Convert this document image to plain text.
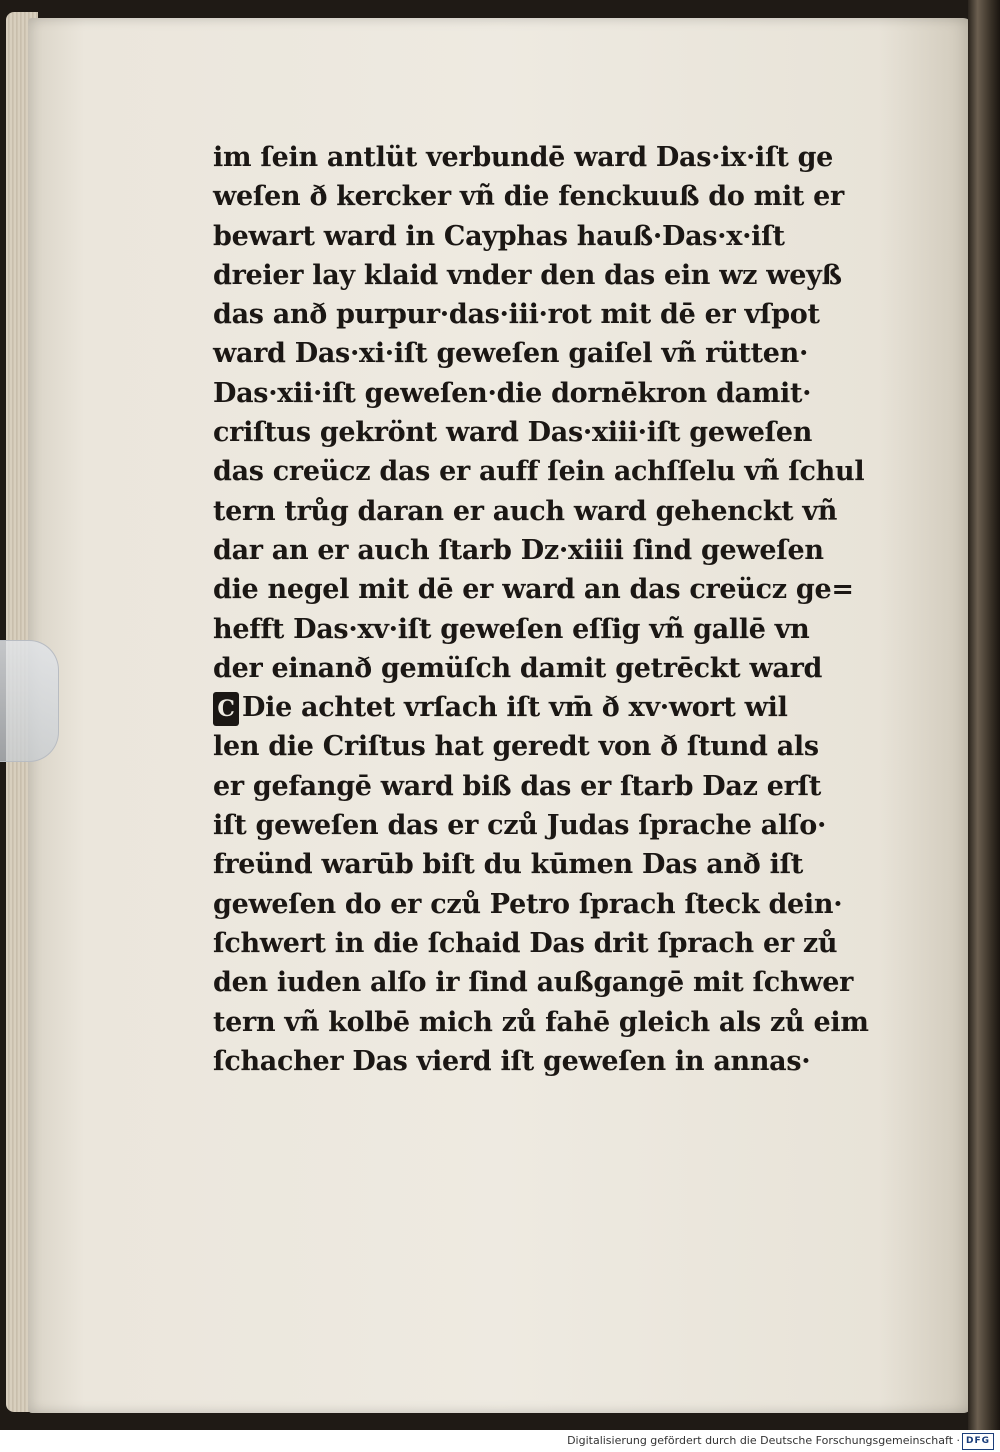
im ſein antlüt verbundē ward Das·ix·iſt ge
weſen ð kercker vñ die fenckuuß do mit er
bewart ward in Cayphas hauß·Das·x·iſt
dreier lay klaid vnder den das ein wz weyß
das anð purpur·das·iii·rot mit dē er vſpot
ward Das·xi·iſt geweſen gaiſel vñ rütten·
Das·xii·iſt geweſen·die dornēkron damit·
criſtus gekrönt ward Das·xiii·iſt geweſen
das creücz das er auff ſein achſſelu vñ ſchul
tern trůg daran er auch ward gehenckt vñ
dar an er auch ſtarb Dz·xiiii ſind geweſen
die negel mit dē er ward an das creücz ge=
hefft Das·xv·iſt geweſen eſſig vñ gallē vn
der einanð gemüſch damit getrēckt ward
C Die achtet vrſach iſt vm̄ ð xv·wort wil
len die Criſtus hat geredt von ð ſtund als
er gefangē ward biß das er ſtarb Daz erſt
iſt geweſen das er czů Judas ſprache alſo·
freünd warūb biſt du kūmen Das anð iſt
geweſen do er czů Petro ſprach ſteck dein·
ſchwert in die ſchaid Das drit ſprach er zů
den iuden alſo ir ſind außgangē mit ſchwer
tern vñ kolbē mich zů fahē gleich als zů eim
ſchacher Das vierd iſt geweſen in annas·
Digitalisierung gefördert durch die Deutsche Forschungsgemeinschaft · DFG
